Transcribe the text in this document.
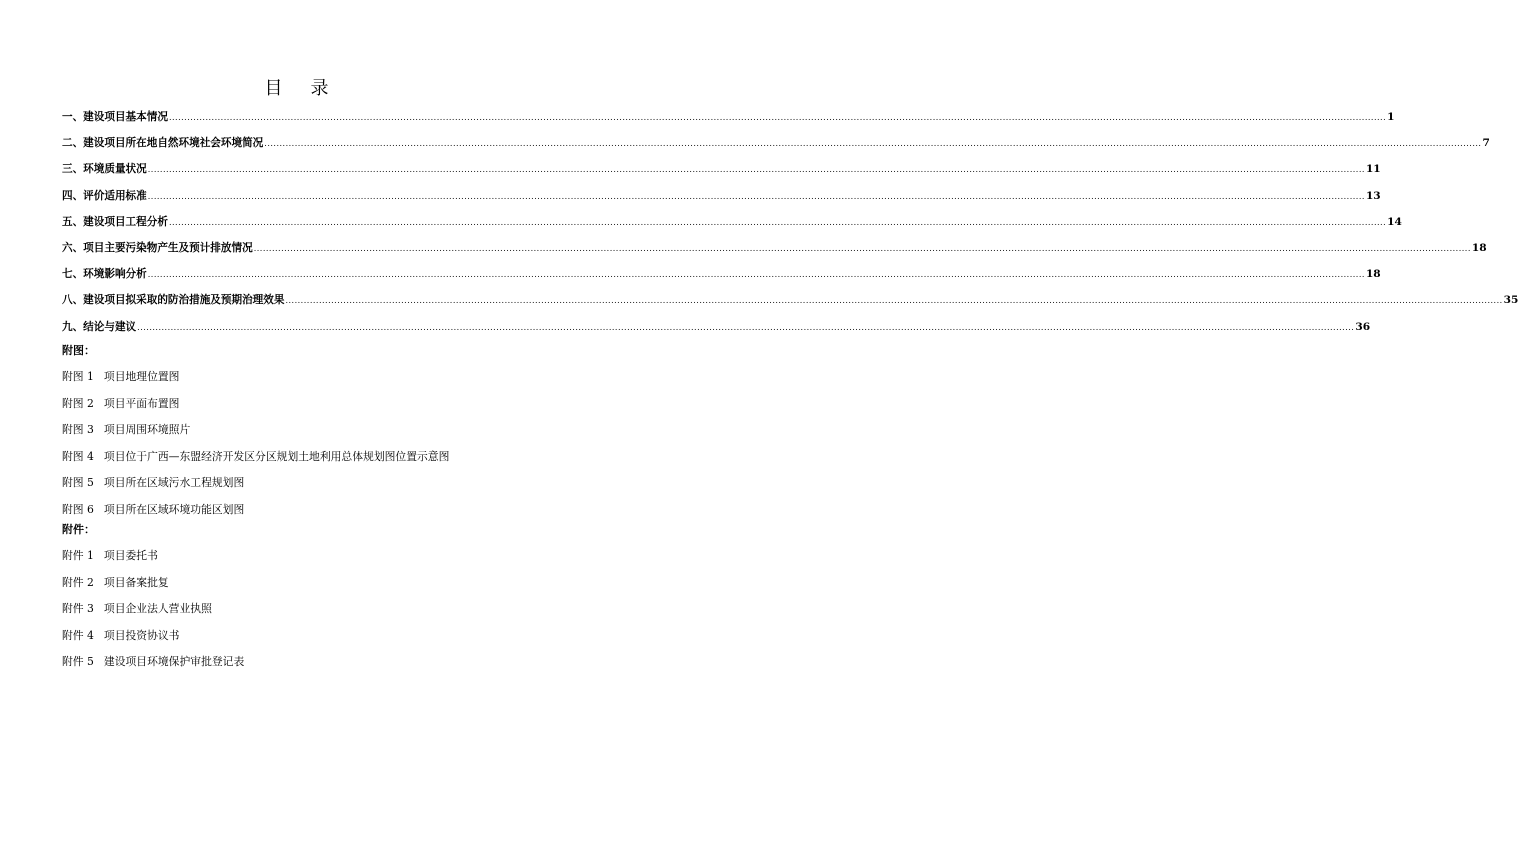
目 录
一、建设项目基本情况 ................................................................................................................................................................................................................................................................................................................................................................................................................ 1
二、建设项目所在地自然环境社会环境简况 ................................................................................................................................................................................................................................................................................................................................................................................................................ 7
三、环境质量状况 ................................................................................................................................................................................................................................................................................................................................................................................................................ 11
四、评价适用标准 ................................................................................................................................................................................................................................................................................................................................................................................................................ 13
五、建设项目工程分析 ................................................................................................................................................................................................................................................................................................................................................................................................................ 14
六、项目主要污染物产生及预计排放情况 ................................................................................................................................................................................................................................................................................................................................................................................................................ 18
七、环境影响分析 ................................................................................................................................................................................................................................................................................................................................................................................................................ 18
八、建设项目拟采取的防治措施及预期治理效果 ................................................................................................................................................................................................................................................................................................................................................................................................................ 35
九、结论与建议 ................................................................................................................................................................................................................................................................................................................................................................................................................ 36
附图：
附图 1 项目地理位置图
附图 2 项目平面布置图
附图 3 项目周围环境照片
附图 4 项目位于广西—东盟经济开发区分区规划土地利用总体规划图位置示意图
附图 5 项目所在区域污水工程规划图
附图 6 项目所在区域环境功能区划图
附件：
附件 1 项目委托书
附件 2 项目备案批复
附件 3 项目企业法人营业执照
附件 4 项目投资协议书
附件 5 建设项目环境保护审批登记表
